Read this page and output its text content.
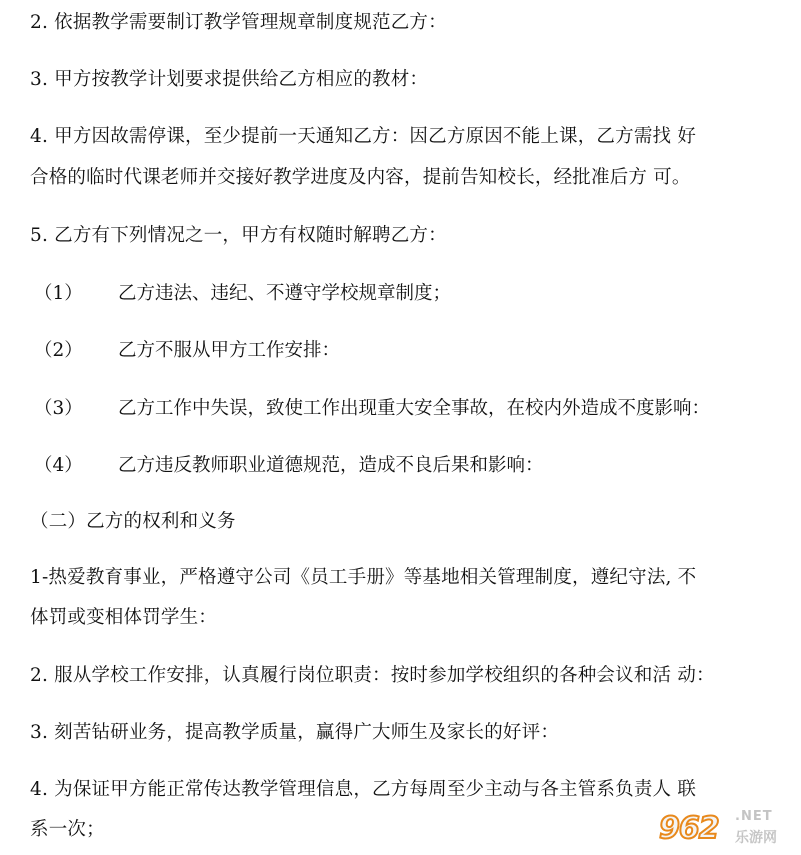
2. 依据教学需要制订教学管理规章制度规范乙方：
3. 甲方按教学计划要求提供给乙方相应的教材：
4. 甲方因故需停课，至少提前一天通知乙方：因乙方原因不能上课，乙方需找 好
合格的临时代课老师并交接好教学进度及内容，提前告知校长，经批准后方 可。
5. 乙方有下列情况之一，甲方有权随时解聘乙方：
（1） 乙方违法、违纪、不遵守学校规章制度；
（2） 乙方不服从甲方工作安排：
（3） 乙方工作中失误，致使工作出现重大安全事故，在校内外造成不度影响：
（4） 乙方违反教师职业道德规范，造成不良后果和影响：
（二）乙方的权利和义务
1-热爱教育事业，严格遵守公司《员工手册》等基地相关管理制度，遵纪守法, 不
体罚或变相体罚学生：
2. 服从学校工作安排，认真履行岗位职责：按时参加学校组织的各种会议和活 动：
3. 刻苦钻研业务，提高教学质量，赢得广大师生及家长的好评：
4. 为保证甲方能正常传达教学管理信息，乙方每周至少主动与各主管系负责人 联
系一次；	962 .NET
乐游网
